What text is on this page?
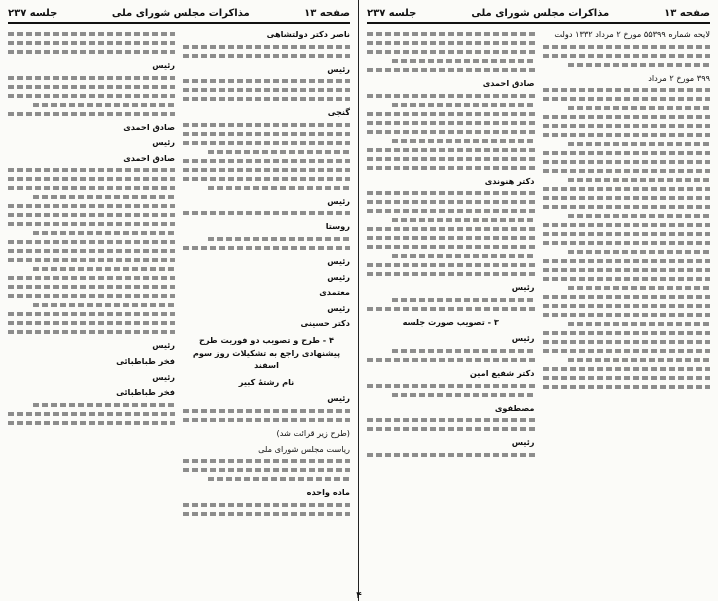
صفحه ۱۳
مذاکرات مجلس شورای ملی
جلسه ۲۳۷
ناصر دکتر دولتشاهی
رئیس
گنجی
رئیس
روستا
رئیس
رئیس
معتمدی
رئیس
دکتر حسینی
۴ - طرح و تصویب دو فوریت طرح پیشنهادی راجع به تشکیلات روز سوم اسفند
نام رشتهٔ کبیر
رئیس
(طرح زیر قرائت شد)
ریاست مجلس شورای ملی
ماده واحده
رئیس
صادق احمدی
رئیس
صادق احمدی
رئیس
فخر طباطبائی
رئیس
فخر طباطبائی
صفحه ۱۳
مذاکرات مجلس شورای ملی
جلسه ۲۳۷
لایحه شماره ۵۵۳۹۹ مورخ ۲ مرداد ۱۳۳۲ دولت
۳۹۹ مورخ ۲ مرداد
صادق احمدی
دکتر هنوندی
رئیس
۳ - تصویب صورت جلسه
رئیس
دکتر شفیع امین
مصطفوی
رئیس
۴
